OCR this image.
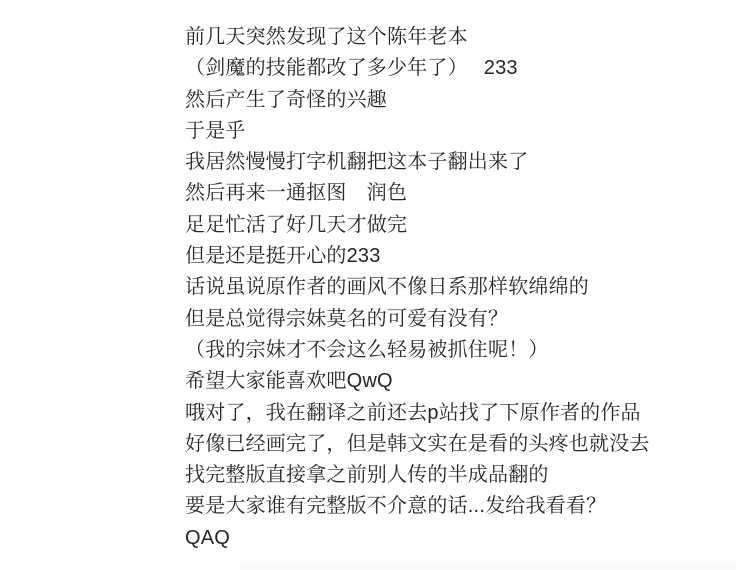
前几天突然发现了这个陈年老本

（剑魔的技能都改了多少年了）　 233

然后产生了奇怪的兴趣

于是乎

我居然慢慢打字机翻把这本子翻出来了

然后再来一通抠图　润色

足足忙活了好几天才做完

但是还是挺开心的233

话说虽说原作者的画风不像日系那样软绵绵的

但是总觉得宗妹莫名的可爱有没有？

（我的宗妹才不会这么轻易被抓住呢！）

希望大家能喜欢吧QwQ

哦对了，我在翻译之前还去p站找了下原作者的作品

好像已经画完了，但是韩文实在是看的头疼也就没去

找完整版直接拿之前别人传的半成品翻的

要是大家谁有完整版不介意的话...发给我看看？

QAQ
